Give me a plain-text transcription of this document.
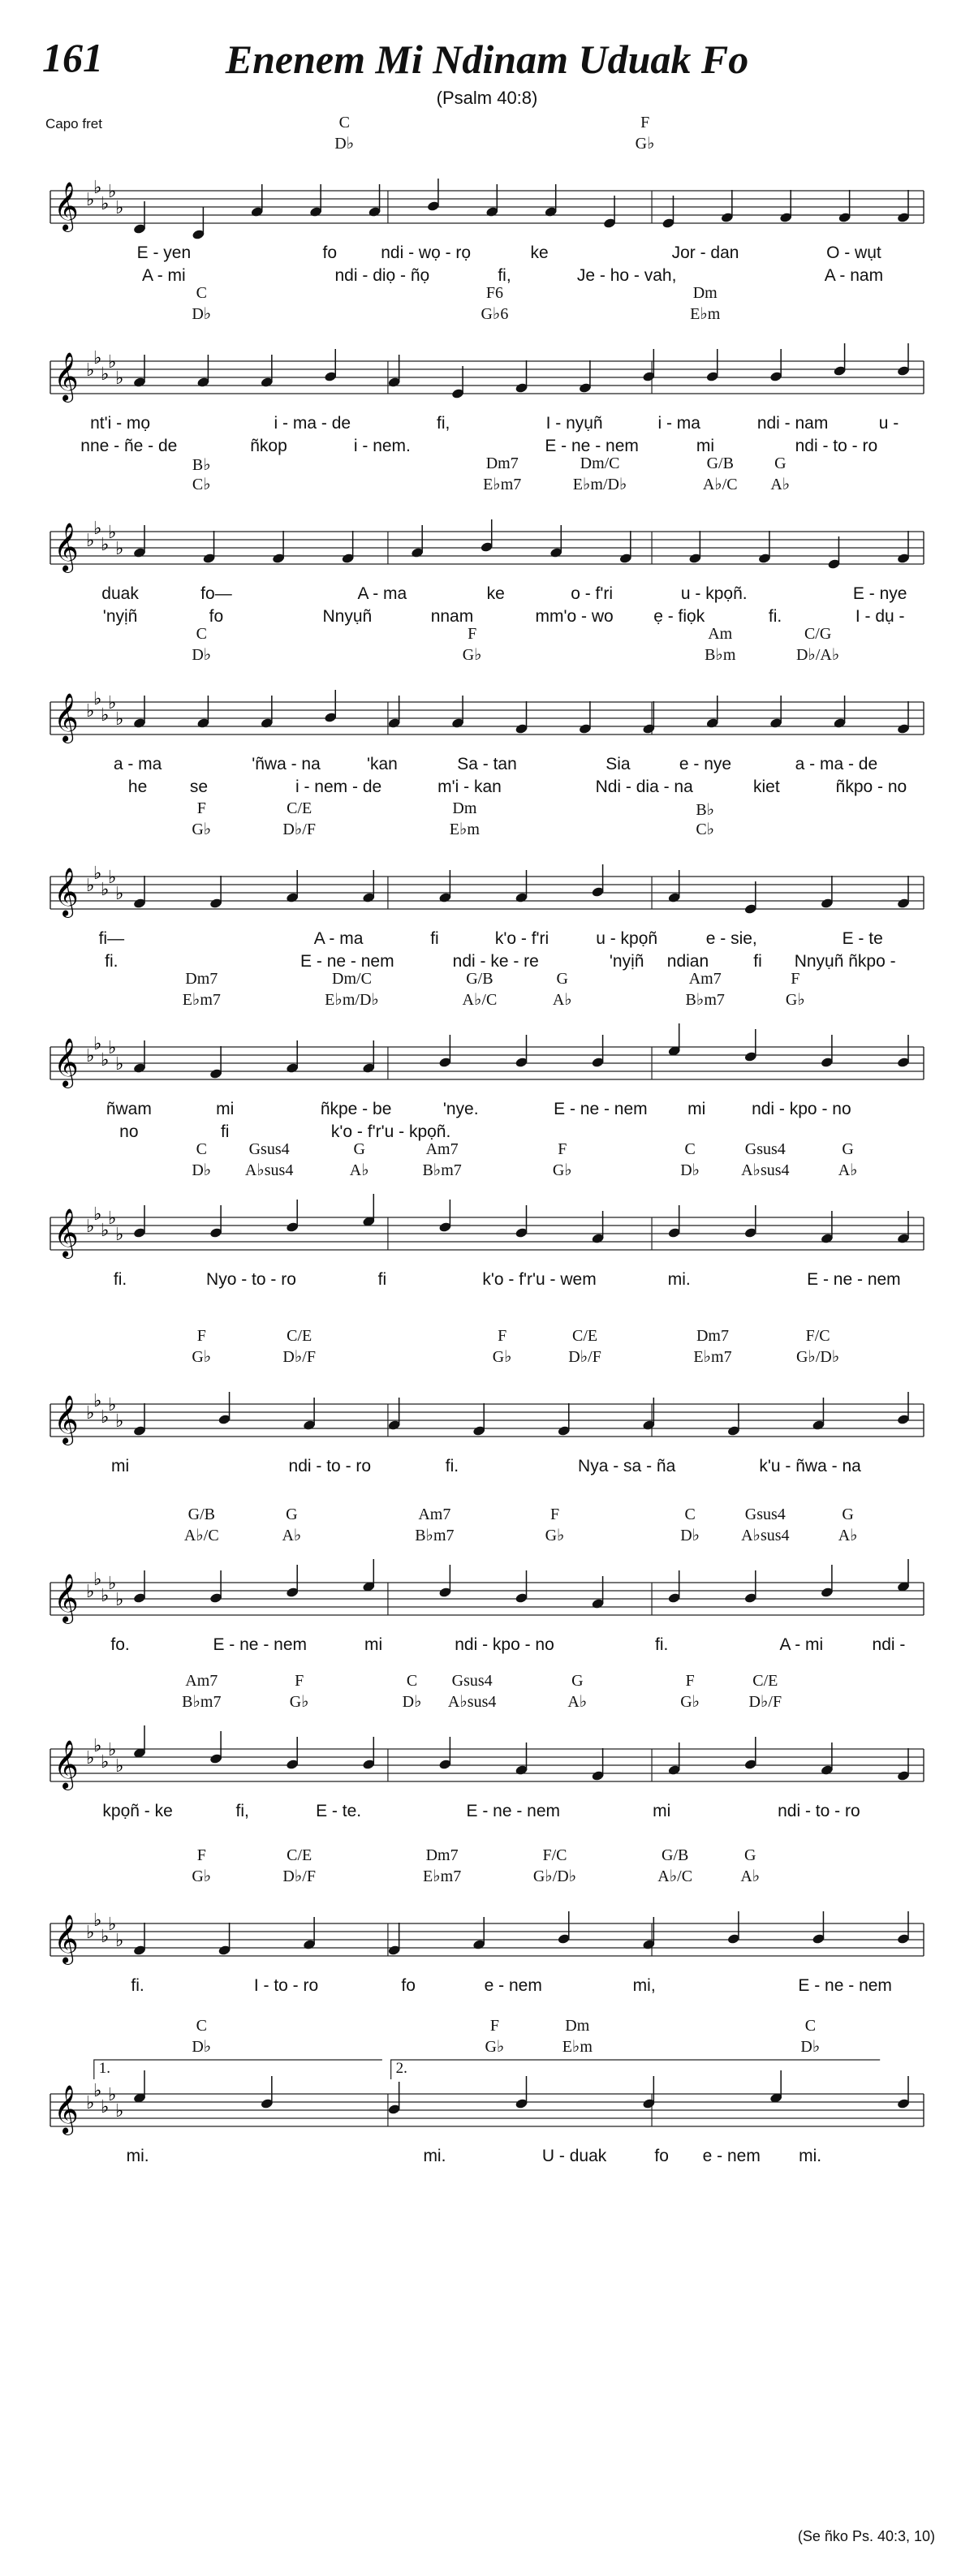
161	Enenem Mi Ndinam Uduak Fo
(Psalm 40:8)
Capo fret
𝄞 ♭
♭
♭
♭
♭
C
D♭
F
G♭
E - yen	fo	ndi - wọ - rọ	ke	Jor - dan	O - wụt
A - mi	ndi - diọ - ñọ	fi,	Je - ho - vah,	A - nam
𝄞 ♭
♭
♭
♭
♭
C
D♭
F6
G♭6
Dm
E♭m
nt'i - mọ	i - ma - de	fi,	I - nyụñ	i - ma	ndi - nam	u -
nne - ñe - de	ñkop	i - nem.	E - ne - nem	mi	ndi - to - ro
𝄞 ♭
♭
♭
♭
♭
B♭
C♭
Dm7
E♭m7
Dm/C
E♭m/D♭
G/B
A♭/C
G
A♭
duak	fo—	A - ma	ke	o - f'ri	u - kpọñ.	E - nye
'nyịñ	fo	Nnyụñ	nnam	mm'o - wo ẹ - fiọk	fi.	I - dụ -
𝄞 ♭
♭
♭
♭
♭
C
D♭
F
G♭
Am
B♭m
C/G
D♭/A♭
a - ma	'ñwa - na	'kan	Sa - tan	Sia	e - nye	a - ma - de
he	se	i - nem - de	m'i - kan	Ndi - dia - na	kiet	ñkpo - no
𝄞 ♭
♭
♭
♭
♭
F
G♭
C/E
D♭/F
Dm
E♭m
B♭
C♭
fi—	A - ma	fi	k'o - f'ri	u - kpọñ	e - sie,	E - te
fi.	E - ne - nem	ndi - ke - re	'nyịñ ndian	fi Nnyụñ ñkpo -
𝄞 ♭
♭
♭
♭
♭
Dm7
E♭m7
Dm/C
E♭m/D♭
G/B
A♭/C
G
A♭
Am7
B♭m7
F
G♭
ñwam	mi	ñkpe - be	'nye.	E - ne - nem mi	ndi - kpo - no
no	fi	k'o - f'r'u - kpọñ.
𝄞 ♭
♭
♭
♭
♭
C
D♭
Gsus4
A♭sus4
G
A♭
Am7
B♭m7
F
G♭
C
D♭
Gsus4
A♭sus4
G
A♭
fi.	Nyo - to - ro	fi	k'o - f'r'u - wem	mi.	E - ne - nem
𝄞 ♭
♭
♭
♭
♭
F
G♭
C/E
D♭/F
F
G♭
C/E
D♭/F
Dm7
E♭m7
F/C
G♭/D♭
mi	ndi - to - ro	fi.	Nya - sa - ña	k'u - ñwa - na
𝄞 ♭
♭
♭
♭
♭
G/B
A♭/C
G
A♭
Am7
B♭m7
F
G♭
C
D♭
Gsus4
A♭sus4
G
A♭
fo.	E - ne - nem	mi	ndi - kpo - no	fi.	A - mi	ndi -
𝄞 ♭
♭
♭
♭
♭
Am7
B♭m7
F
G♭
C
D♭
Gsus4
A♭sus4
G
A♭
F
G♭
C/E
D♭/F
kpọñ - ke	fi,	E - te.	E - ne - nem	mi	ndi - to - ro
𝄞 ♭
♭
♭
♭
♭
F
G♭
C/E
D♭/F
Dm7
E♭m7
F/C
G♭/D♭
G/B
A♭/C
G
A♭
fi.	I - to - ro	fo	e - nem	mi,	E - ne - nem
𝄞 ♭
♭
♭
♭
♭
1.	2.
C
D♭
F
G♭
Dm
E♭m
C
D♭
mi.	mi.	U - duak	fo e - nem mi.
(Se ñko Ps. 40:3, 10)
